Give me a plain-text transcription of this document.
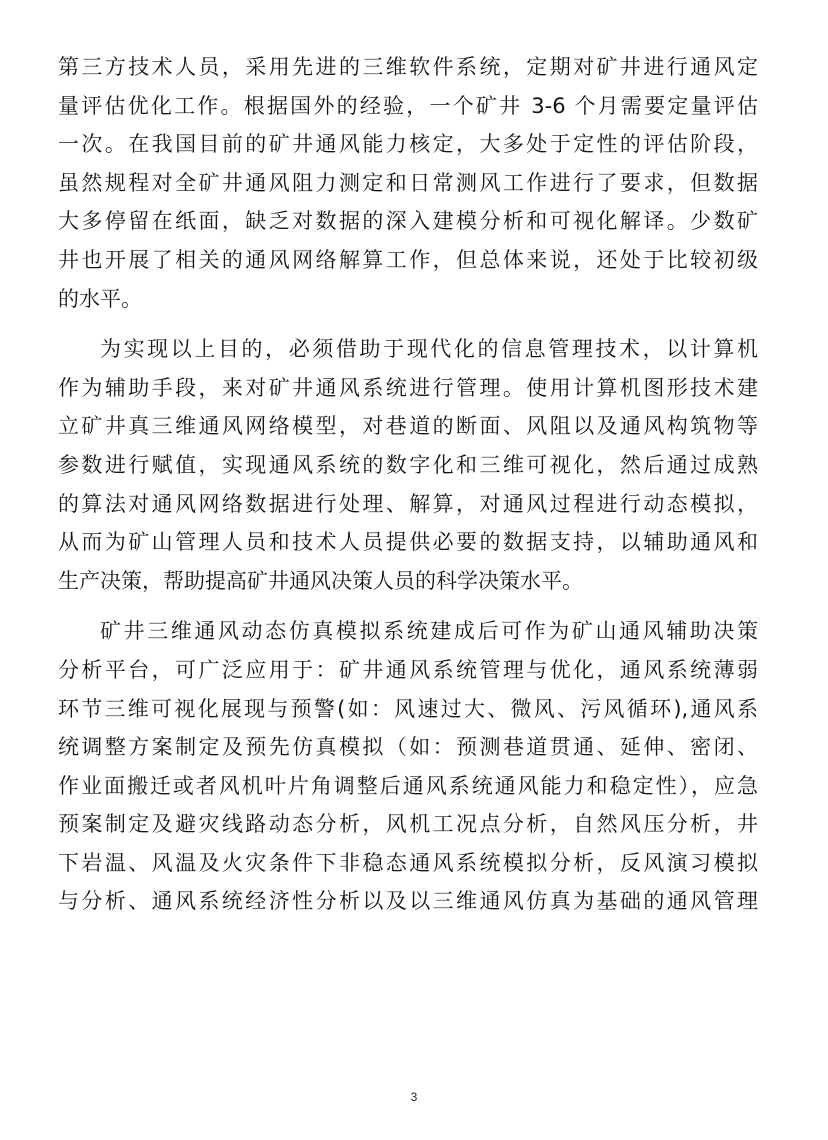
第三方技术人员，采用先进的三维软件系统，定期对矿井进行通风定
量评估优化工作。根据国外的经验，一个矿井 3-6 个月需要定量评估
一次。在我国目前的矿井通风能力核定，大多处于定性的评估阶段，
虽然规程对全矿井通风阻力测定和日常测风工作进行了要求，但数据
大多停留在纸面，缺乏对数据的深入建模分析和可视化解译。少数矿
井也开展了相关的通风网络解算工作，但总体来说，还处于比较初级
的水平。
为实现以上目的，必须借助于现代化的信息管理技术，以计算机
作为辅助手段，来对矿井通风系统进行管理。使用计算机图形技术建
立矿井真三维通风网络模型，对巷道的断面、风阻以及通风构筑物等
参数进行赋值，实现通风系统的数字化和三维可视化，然后通过成熟
的算法对通风网络数据进行处理、解算，对通风过程进行动态模拟，
从而为矿山管理人员和技术人员提供必要的数据支持，以辅助通风和
生产决策，帮助提高矿井通风决策人员的科学决策水平。
矿井三维通风动态仿真模拟系统建成后可作为矿山通风辅助决策
分析平台，可广泛应用于：矿井通风系统管理与优化，通风系统薄弱
环节三维可视化展现与预警(如：风速过大、微风、污风循环),通风系
统调整方案制定及预先仿真模拟（如：预测巷道贯通、延伸、密闭、
作业面搬迁或者风机叶片角调整后通风系统通风能力和稳定性），应急
预案制定及避灾线路动态分析，风机工况点分析，自然风压分析，井
下岩温、风温及火灾条件下非稳态通风系统模拟分析，反风演习模拟
与分析、通风系统经济性分析以及以三维通风仿真为基础的通风管理
3
